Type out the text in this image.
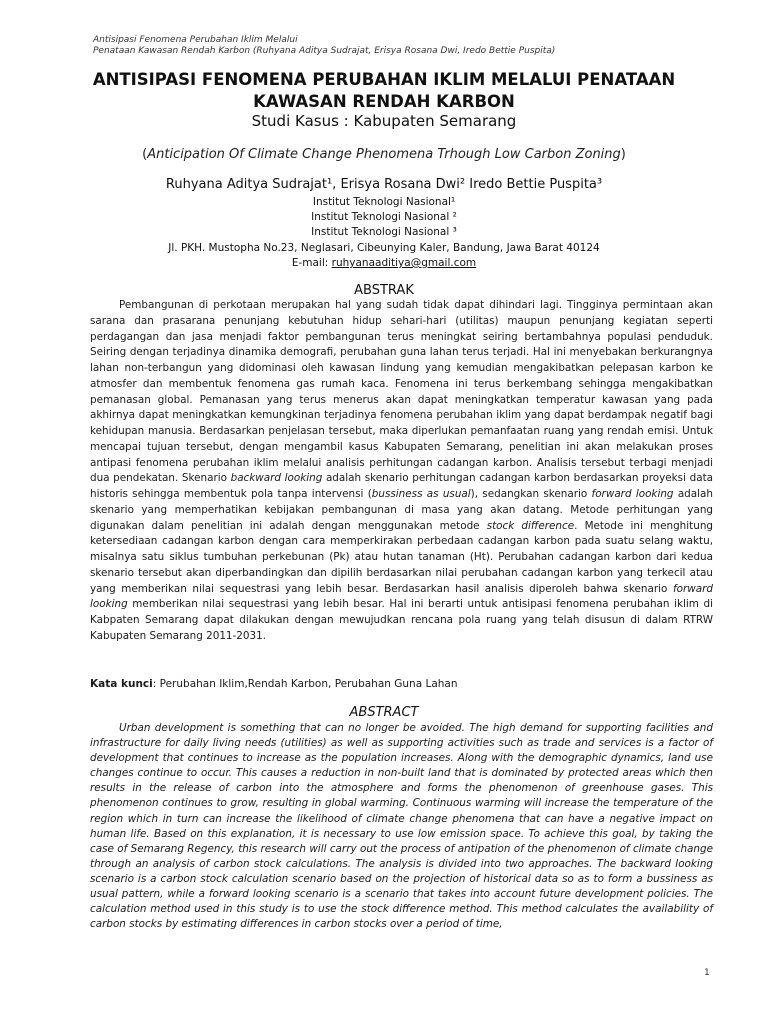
Antisipasi Fenomena Perubahan Iklim Melalui
Penataan Kawasan Rendah Karbon (Ruhyana Aditya Sudrajat, Erisya Rosana Dwi, Iredo Bettie Puspita)
ANTISIPASI FENOMENA PERUBAHAN IKLIM MELALUI PENATAAN
KAWASAN RENDAH KARBON
Studi Kasus : Kabupaten Semarang
(Anticipation Of Climate Change Phenomena Trhough Low Carbon Zoning)
Ruhyana Aditya Sudrajat¹, Erisya Rosana Dwi² Iredo Bettie Puspita³
Institut Teknologi Nasional¹
Institut Teknologi Nasional ²
Institut Teknologi Nasional ³
Jl. PKH. Mustopha No.23, Neglasari, Cibeunying Kaler, Bandung, Jawa Barat 40124
E-mail: ruhyanaaditiya@gmail.com
ABSTRAK
Pembangunan di perkotaan merupakan hal yang sudah tidak dapat dihindari lagi. Tingginya permintaan akan sarana dan prasarana penunjang kebutuhan hidup sehari-hari (utilitas) maupun penunjang kegiatan seperti perdagangan dan jasa menjadi faktor pembangunan terus meningkat seiring bertambahnya populasi penduduk. Seiring dengan terjadinya dinamika demografi, perubahan guna lahan terus terjadi. Hal ini menyebakan berkurangnya lahan non-terbangun yang didominasi oleh kawasan lindung yang kemudian mengakibatkan pelepasan karbon ke atmosfer dan membentuk fenomena gas rumah kaca. Fenomena ini terus berkembang sehingga mengakibatkan pemanasan global. Pemanasan yang terus menerus akan dapat meningkatkan temperatur kawasan yang pada akhirnya dapat meningkatkan kemungkinan terjadinya fenomena perubahan iklim yang dapat berdampak negatif bagi kehidupan manusia. Berdasarkan penjelasan tersebut, maka diperlukan pemanfaatan ruang yang rendah emisi. Untuk mencapai tujuan tersebut, dengan mengambil kasus Kabupaten Semarang, penelitian ini akan melakukan proses antipasi fenomena perubahan iklim melalui analisis perhitungan cadangan karbon. Analisis tersebut terbagi menjadi dua pendekatan. Skenario backward looking adalah skenario perhitungan cadangan karbon berdasarkan proyeksi data historis sehingga membentuk pola tanpa intervensi (bussiness as usual), sedangkan skenario forward looking adalah skenario yang memperhatikan kebijakan pembangunan di masa yang akan datang. Metode perhitungan yang digunakan dalam penelitian ini adalah dengan menggunakan metode stock difference. Metode ini menghitung ketersediaan cadangan karbon dengan cara memperkirakan perbedaan cadangan karbon pada suatu selang waktu, misalnya satu siklus tumbuhan perkebunan (Pk) atau hutan tanaman (Ht). Perubahan cadangan karbon dari kedua skenario tersebut akan diperbandingkan dan dipilih berdasarkan nilai perubahan cadangan karbon yang terkecil atau yang memberikan nilai sequestrasi yang lebih besar. Berdasarkan hasil analisis diperoleh bahwa skenario forward looking memberikan nilai sequestrasi yang lebih besar. Hal ini berarti untuk antisipasi fenomena perubahan iklim di Kabpaten Semarang dapat dilakukan dengan mewujudkan rencana pola ruang yang telah disusun di dalam RTRW Kabupaten Semarang 2011-2031.
Kata kunci: Perubahan Iklim,Rendah Karbon, Perubahan Guna Lahan
ABSTRACT
Urban development is something that can no longer be avoided. The high demand for supporting facilities and infrastructure for daily living needs (utilities) as well as supporting activities such as trade and services is a factor of development that continues to increase as the population increases. Along with the demographic dynamics, land use changes continue to occur. This causes a reduction in non-built land that is dominated by protected areas which then results in the release of carbon into the atmosphere and forms the phenomenon of greenhouse gases. This phenomenon continues to grow, resulting in global warming. Continuous warming will increase the temperature of the region which in turn can increase the likelihood of climate change phenomena that can have a negative impact on human life. Based on this explanation, it is necessary to use low emission space. To achieve this goal, by taking the case of Semarang Regency, this research will carry out the process of antipation of the phenomenon of climate change through an analysis of carbon stock calculations. The analysis is divided into two approaches. The backward looking scenario is a carbon stock calculation scenario based on the projection of historical data so as to form a bussiness as usual pattern, while a forward looking scenario is a scenario that takes into account future development policies. The calculation method used in this study is to use the stock difference method. This method calculates the availability of carbon stocks by estimating differences in carbon stocks over a period of time,
1
